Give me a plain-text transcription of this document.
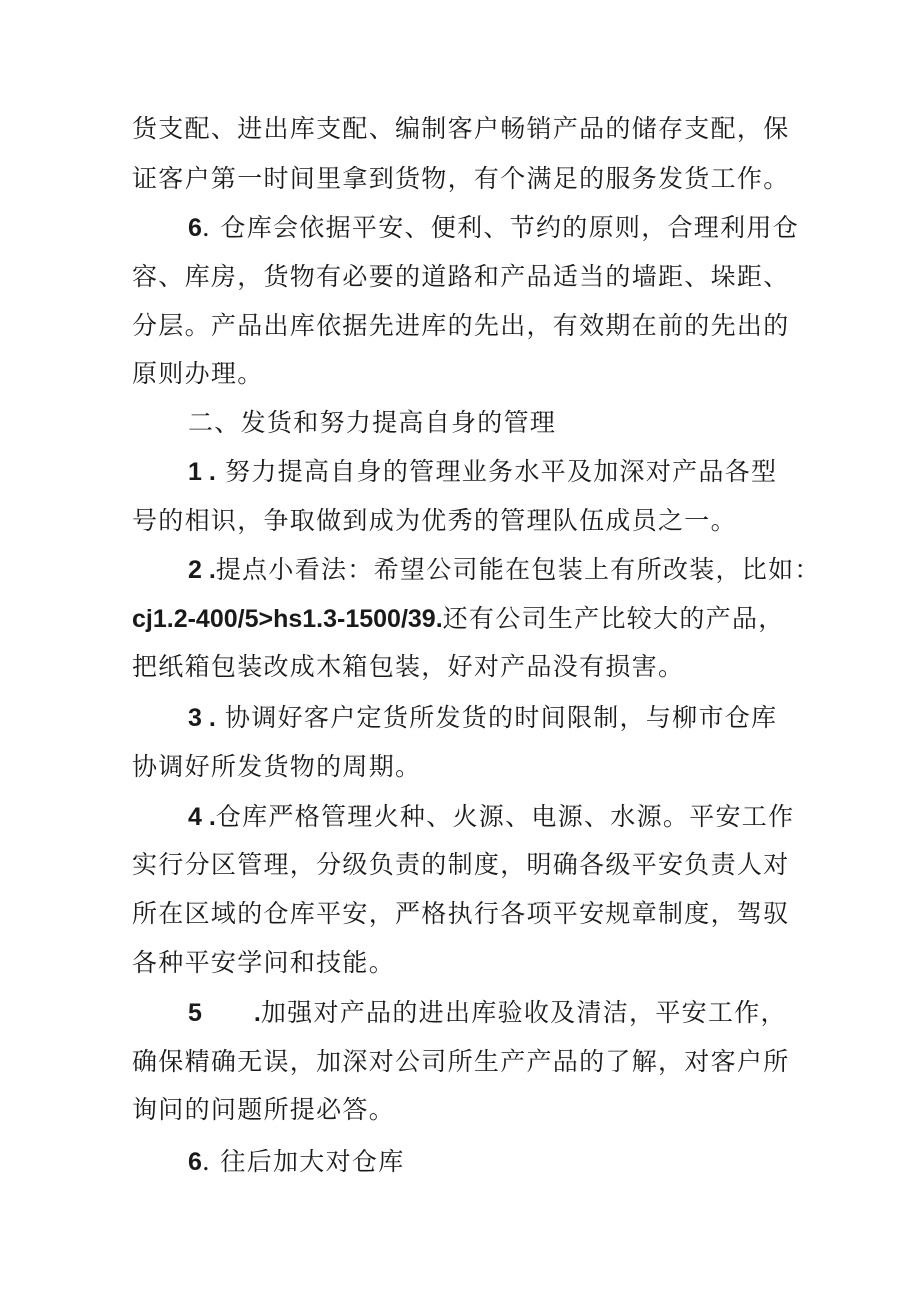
货支配、进出库支配、编制客户畅销产品的储存支配，保
证客户第一时间里拿到货物，有个满足的服务发货工作。
6. 仓库会依据平安、便利、节约的原则，合理利用仓
容、库房，货物有必要的道路和产品适当的墙距、垛距、
分层。产品出库依据先进库的先出，有效期在前的先出的
原则办理。
二、发货和努力提高自身的管理
1 . 努力提高自身的管理业务水平及加深对产品各型
号的相识，争取做到成为优秀的管理队伍成员之一。
2 .提点小看法：希望公司能在包装上有所改装，比如：
cj1.2-400/5>hs1.3-1500/39.还有公司生产比较大的产品，
把纸箱包装改成木箱包装，好对产品没有损害。
3 . 协调好客户定货所发货的时间限制，与柳市仓库
协调好所发货物的周期。
4 .仓库严格管理火种、火源、电源、水源。平安工作
实行分区管理，分级负责的制度，明确各级平安负责人对
所在区域的仓库平安，严格执行各项平安规章制度，驾驭
各种平安学问和技能。
5 .加强对产品的进出库验收及清洁，平安工作，
确保精确无误，加深对公司所生产产品的了解，对客户所
询问的问题所提必答。
6. 往后加大对仓库
